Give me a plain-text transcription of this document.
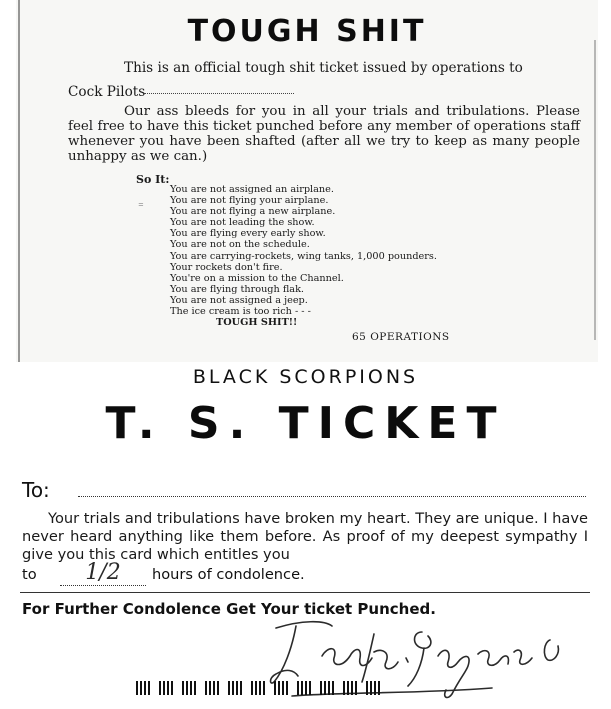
TOUGH SHIT
This is an official tough shit ticket issued by operations to
Cock Pilots
Our ass bleeds for you in all your trials and tribulations. Please feel free to have this ticket punched before any member of operations staff whenever you have been shafted (after all we try to keep as many people unhappy as we can.)
So It:
⁼
You are not assigned an airplane.
You are not flying your airplane.
You are not flying a new airplane.
You are not leading the show.
You are flying every early show.
You are not on the schedule.
You are carrying-rockets, wing tanks, 1,000 pounders.
Your rockets don't fire.
You're on a mission to the Channel.
You are flying through flak.
You are not assigned a jeep.
The ice cream is too rich - - -
TOUGH SHIT!!
65 OPERATIONS
BLACK SCORPIONS
T. S. TICKET
To:
Your trials and tribulations have broken my heart. They are unique. I have never heard anything like them before. As proof of my deepest sympathy I give you this card which entitles you
to	1/2	hours of condolence.
For Further Condolence Get Your ticket Punched.
